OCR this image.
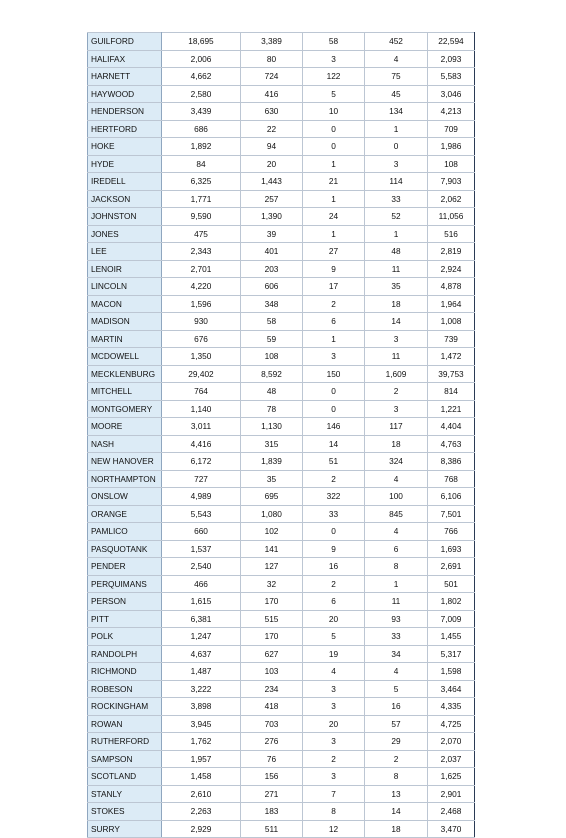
GUILFORD	18,695	3,389	58	452	22,594
HALIFAX	2,006	80	3	4	2,093
HARNETT	4,662	724	122	75	5,583
HAYWOOD	2,580	416	5	45	3,046
HENDERSON	3,439	630	10	134	4,213
HERTFORD	686	22	0	1	709
HOKE	1,892	94	0	0	1,986
HYDE	84	20	1	3	108
IREDELL	6,325	1,443	21	114	7,903
JACKSON	1,771	257	1	33	2,062
JOHNSTON	9,590	1,390	24	52	11,056
JONES	475	39	1	1	516
LEE	2,343	401	27	48	2,819
LENOIR	2,701	203	9	11	2,924
LINCOLN	4,220	606	17	35	4,878
MACON	1,596	348	2	18	1,964
MADISON	930	58	6	14	1,008
MARTIN	676	59	1	3	739
MCDOWELL	1,350	108	3	11	1,472
MECKLENBURG	29,402	8,592	150	1,609	39,753
MITCHELL	764	48	0	2	814
MONTGOMERY	1,140	78	0	3	1,221
MOORE	3,011	1,130	146	117	4,404
NASH	4,416	315	14	18	4,763
NEW HANOVER	6,172	1,839	51	324	8,386
NORTHAMPTON	727	35	2	4	768
ONSLOW	4,989	695	322	100	6,106
ORANGE	5,543	1,080	33	845	7,501
PAMLICO	660	102	0	4	766
PASQUOTANK	1,537	141	9	6	1,693
PENDER	2,540	127	16	8	2,691
PERQUIMANS	466	32	2	1	501
PERSON	1,615	170	6	11	1,802
PITT	6,381	515	20	93	7,009
POLK	1,247	170	5	33	1,455
RANDOLPH	4,637	627	19	34	5,317
RICHMOND	1,487	103	4	4	1,598
ROBESON	3,222	234	3	5	3,464
ROCKINGHAM	3,898	418	3	16	4,335
ROWAN	3,945	703	20	57	4,725
RUTHERFORD	1,762	276	3	29	2,070
SAMPSON	1,957	76	2	2	2,037
SCOTLAND	1,458	156	3	8	1,625
STANLY	2,610	271	7	13	2,901
STOKES	2,263	183	8	14	2,468
SURRY	2,929	511	12	18	3,470
